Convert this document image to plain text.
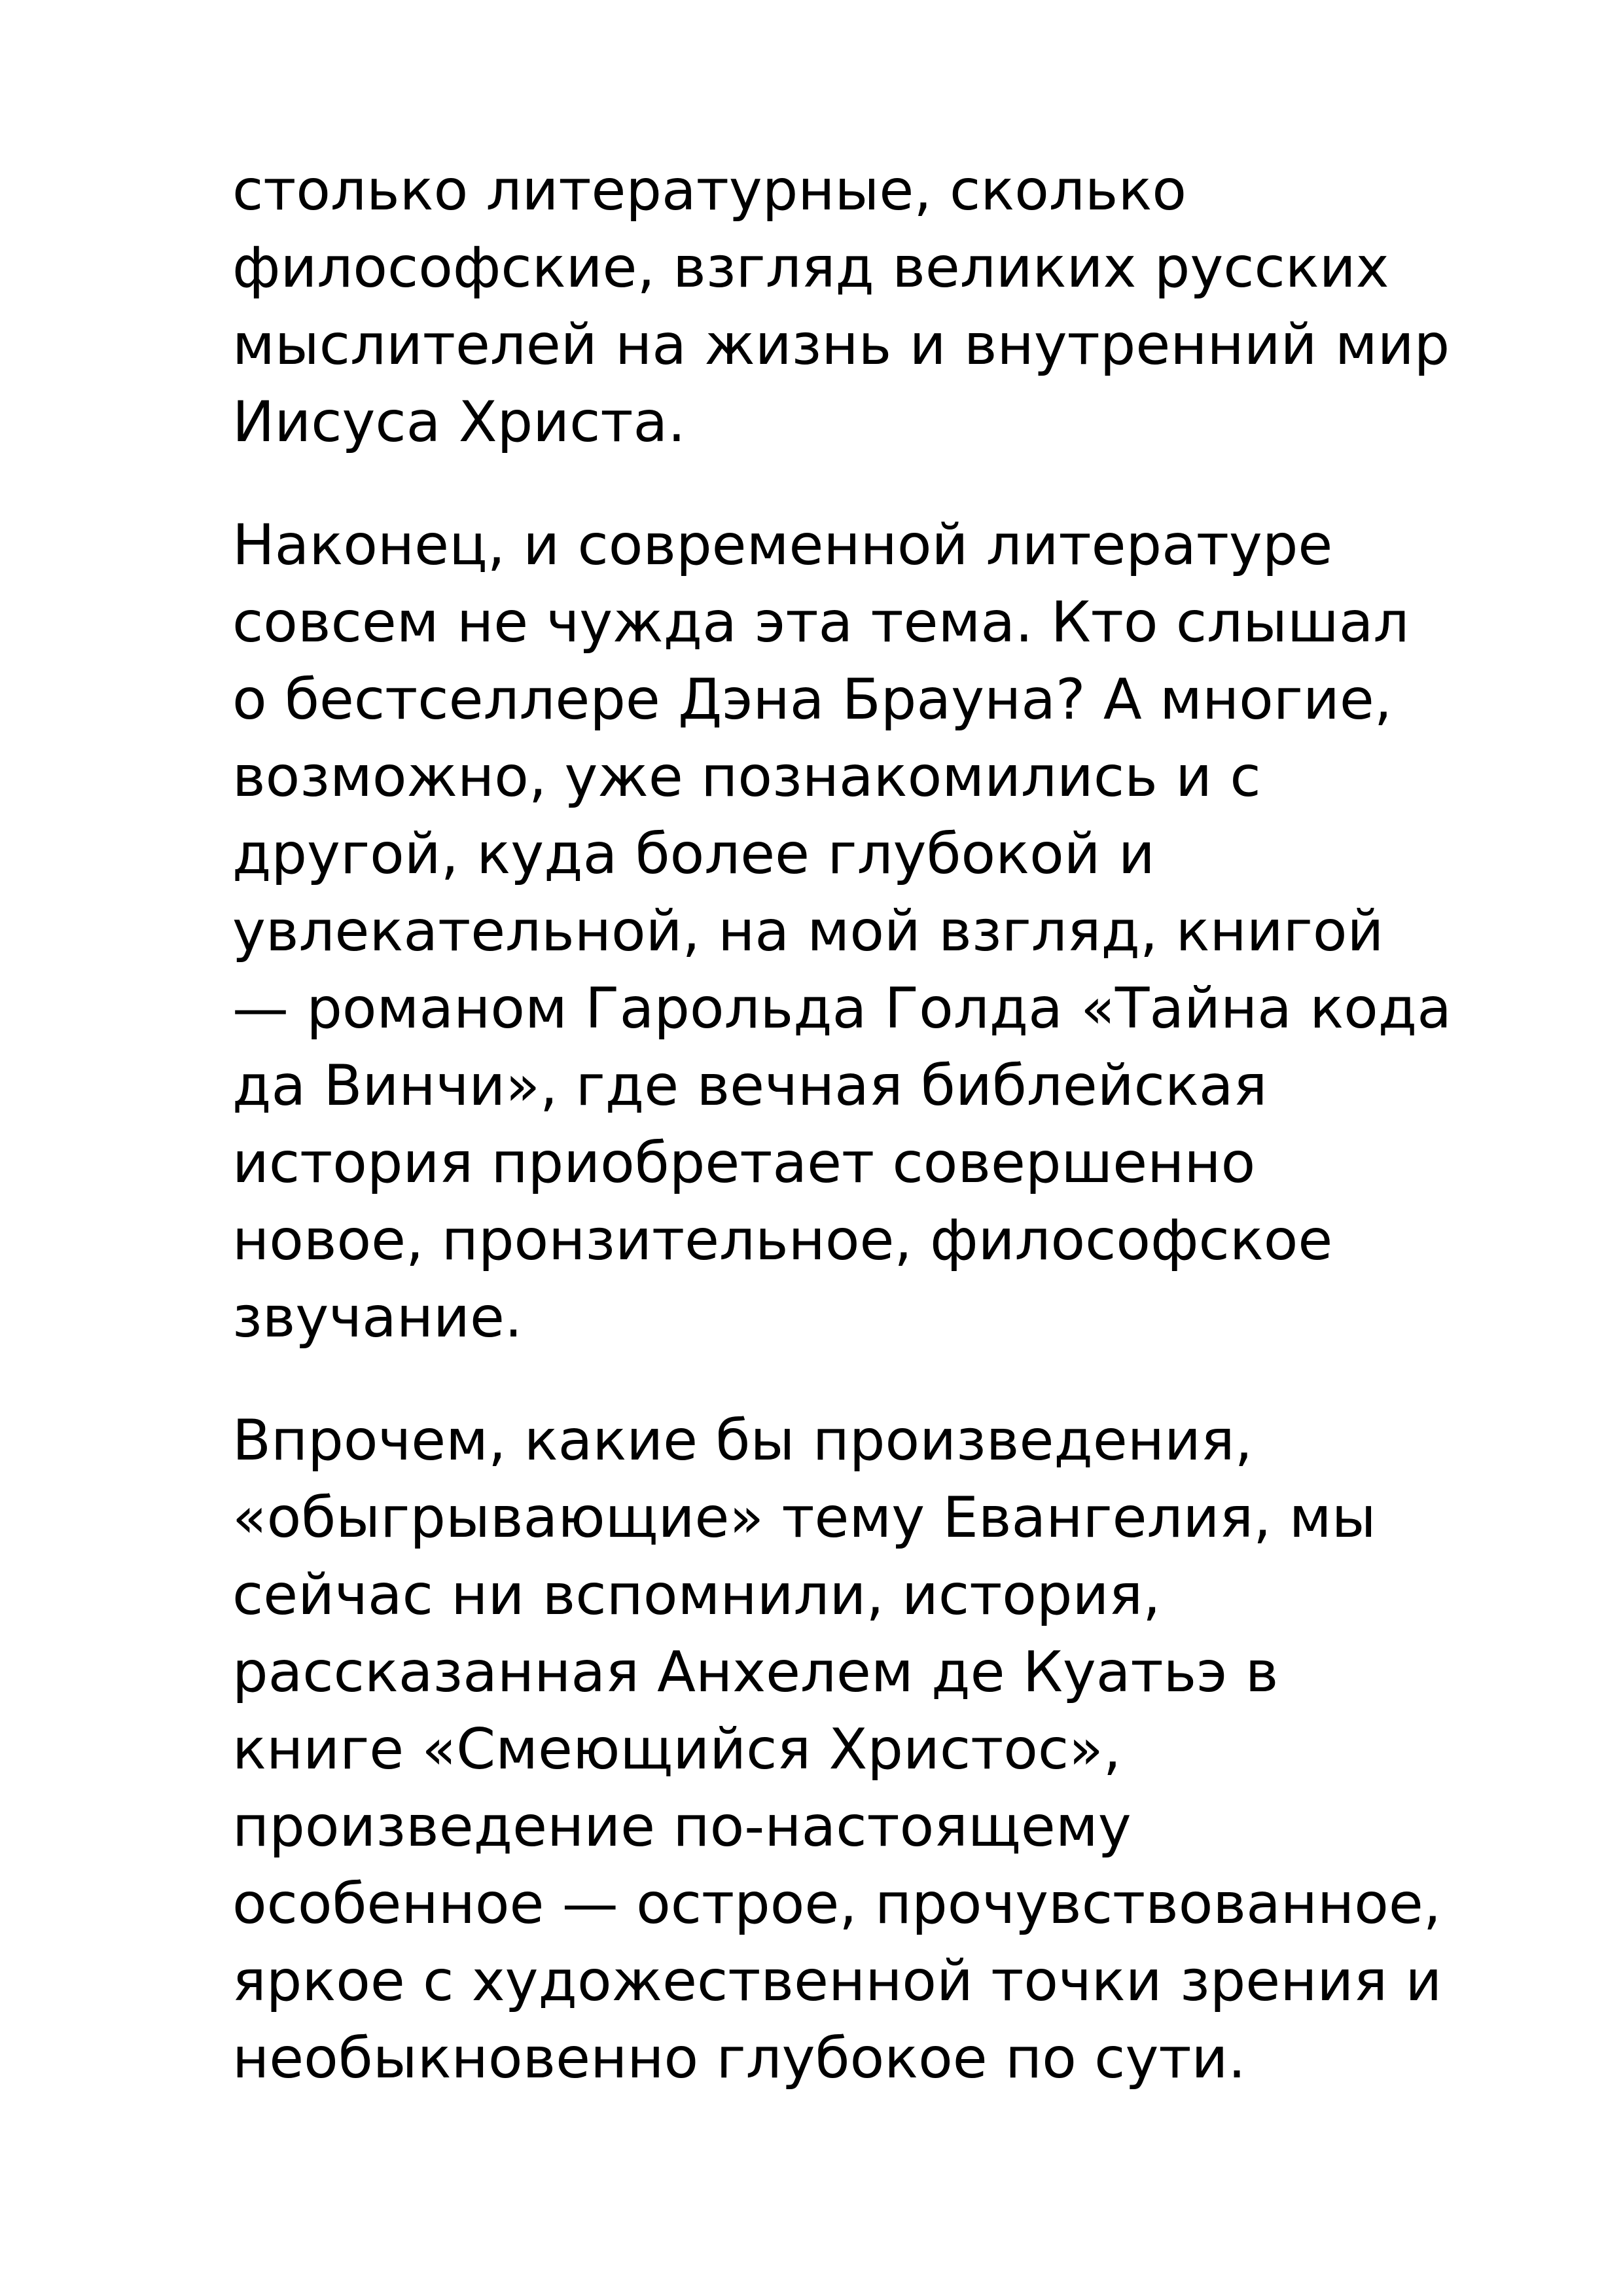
столько литературные, сколько
философские, взгляд великих русских
мыслителей на жизнь и внутренний мир
Иисуса Христа.

Наконец, и современной литературе
совсем не чужда эта тема. Кто слышал
о бестселлере Дэна Брауна? А многие,
возможно, уже познакомились и с
другой, куда более глубокой и
увлекательной, на мой взгляд, книгой
— романом Гарольда Голда «Тайна кода
да Винчи», где вечная библейская
история приобретает совершенно
новое, пронзительное, философское
звучание.

Впрочем, какие бы произведения,
«обыгрывающие» тему Евангелия, мы
сейчас ни вспомнили, история,
рассказанная Анхелем де Куатьэ в
книге «Смеющийся Христос»,
произведение по-настоящему
особенное — острое, прочувствованное,
яркое с художественной точки зрения и
необыкновенно глубокое по сути.
